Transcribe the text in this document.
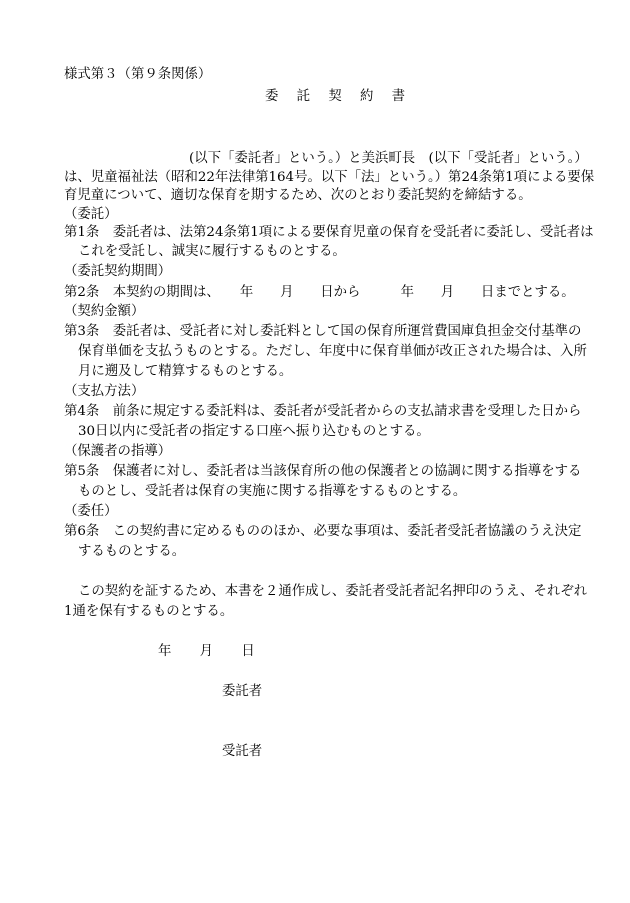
様式第３（第９条関係）
委 託 契 約 書
(以下「委託者」という。）と美浜町長　(以下「受託者」という。）
は、児童福祉法（昭和22年法律第164号。以下「法」という。）第24条第1項による要保
育児童について、適切な保育を期するため、次のとおり委託契約を締結する。
（委託）
第1条　委託者は、法第24条第1項による要保育児童の保育を受託者に委託し、受託者は
これを受託し、誠実に履行するものとする。
（委託契約期間）
第2条　本契約の期間は、　　年　　月　　日から　　　年　　月　　日までとする。
（契約金額）
第3条　委託者は、受託者に対し委託料として国の保育所運営費国庫負担金交付基準の
保育単価を支払うものとする。ただし、年度中に保育単価が改正された場合は、入所
月に遡及して精算するものとする。
（支払方法）
第4条　前条に規定する委託料は、委託者が受託者からの支払請求書を受理した日から
30日以内に受託者の指定する口座へ振り込むものとする。
（保護者の指導）
第5条　保護者に対し、委託者は当該保育所の他の保護者との協調に関する指導をする
ものとし、受託者は保育の実施に関する指導をするものとする。
（委任）
第6条　この契約書に定めるもののほか、必要な事項は、委託者受託者協議のうえ決定
するものとする。
この契約を証するため、本書を２通作成し、委託者受託者記名押印のうえ、それぞれ
1通を保有するものとする。
年 月 日
委託者
受託者
